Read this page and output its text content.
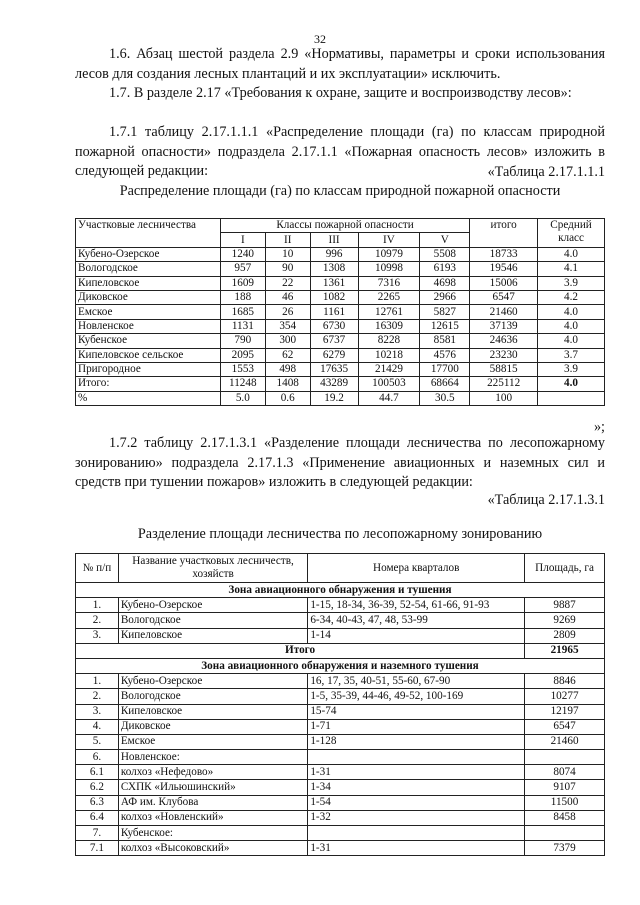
32
1.6. Абзац шестой раздела 2.9 «Нормативы, параметры и сроки использования лесов для создания лесных плантаций и их эксплуатации» исключить.
1.7. В разделе 2.17 «Требования к охране, защите и воспроизводству лесов»:
1.7.1 таблицу 2.17.1.1.1 «Распределение площади (га) по классам природной пожарной опасности» подраздела 2.17.1.1 «Пожарная опасность лесов» изложить в следующей редакции:	«Таблица 2.17.1.1.1
Распределение площади (га) по классам природной пожарной опасности
Участковые лесничества	Классы пожарной опасности					итого	Средний класс
	I	II	III	IV	V		
Кубено-Озерское	1240	10	996	10979	5508	18733	4.0
Вологодское	957	90	1308	10998	6193	19546	4.1
Кипеловское	1609	22	1361	7316	4698	15006	3.9
Диковское	188	46	1082	2265	2966	6547	4.2
Емское	1685	26	1161	12761	5827	21460	4.0
Новленское	1131	354	6730	16309	12615	37139	4.0
Кубенское	790	300	6737	8228	8581	24636	4.0
Кипеловское сельское	2095	62	6279	10218	4576	23230	3.7
Пригородное	1553	498	17635	21429	17700	58815	3.9
Итого:	11248	1408	43289	100503	68664	225112	4.0
%	5.0	0.6	19.2	44.7	30.5	100	
»;
1.7.2 таблицу 2.17.1.3.1 «Разделение площади лесничества по лесопожарному зонированию» подраздела 2.17.1.3 «Применение авиационных и наземных сил и средств при тушении пожаров» изложить в следующей редакции:
«Таблица 2.17.1.3.1
Разделение площади лесничества по лесопожарному зонированию
№ п/п	Название участковых лесничеств, хозяйств	Номера кварталов	Площадь, га
Зона авиационного обнаружения и тушения			
1.	Кубено-Озерское	1-15, 18-34, 36-39, 52-54, 61-66, 91-93	9887
2.	Вологодское	6-34, 40-43, 47, 48, 53-99	9269
3.	Кипеловское	1-14	2809
Итого			21965
Зона авиационного обнаружения и наземного тушения			
1.	Кубено-Озерское	16, 17, 35, 40-51, 55-60, 67-90	8846
2.	Вологодское	1-5, 35-39, 44-46, 49-52, 100-169	10277
3.	Кипеловское	15-74	12197
4.	Диковское	1-71	6547
5.	Емское	1-128	21460
6.	Новленское:		
6.1	колхоз «Нефедово»	1-31	8074
6.2	СХПК «Ильюшинский»	1-34	9107
6.3	АФ им. Клубова	1-54	11500
6.4	колхоз «Новленский»	1-32	8458
7.	Кубенское:		
7.1	колхоз «Высоковский»	1-31	7379
